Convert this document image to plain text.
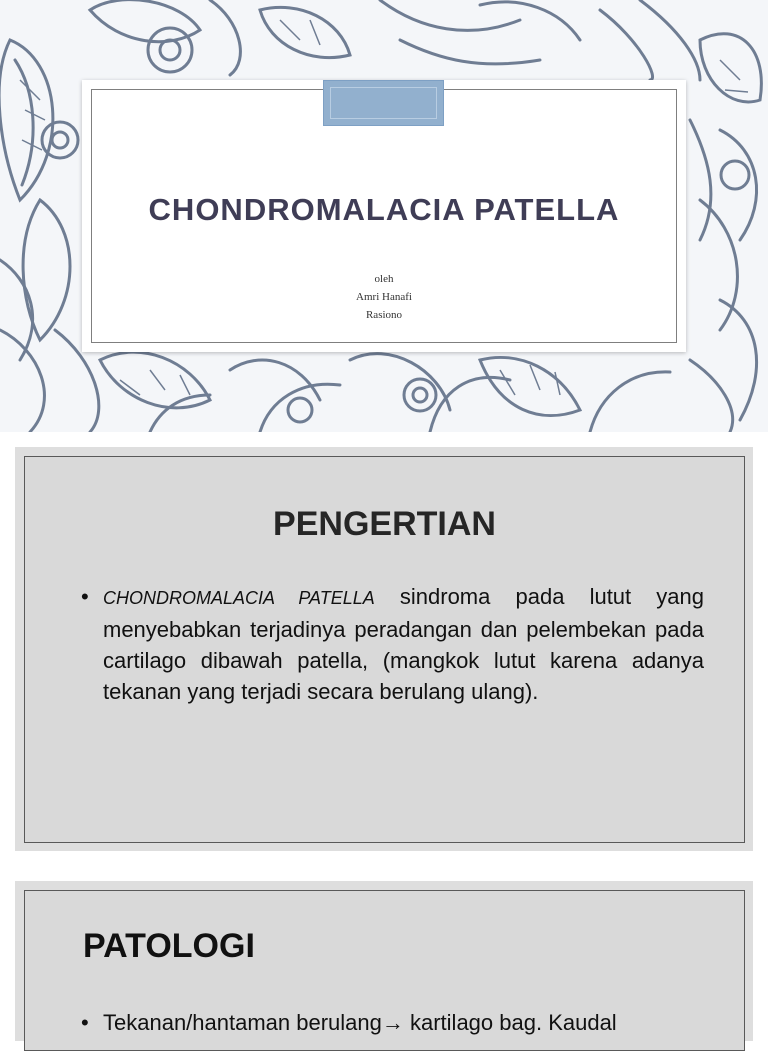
CHONDROMALACIA PATELLA
oleh
Amri Hanafi
Rasiono
PENGERTIAN
• CHONDROMALACIA PATELLA sindroma pada lutut yang menyebabkan terjadinya peradangan dan pelembekan pada cartilago dibawah patella, (mangkok lutut karena adanya tekanan yang terjadi secara berulang ulang).
PATOLOGI
• Tekanan/hantaman berulang→ kartilago bag. Kaudal
